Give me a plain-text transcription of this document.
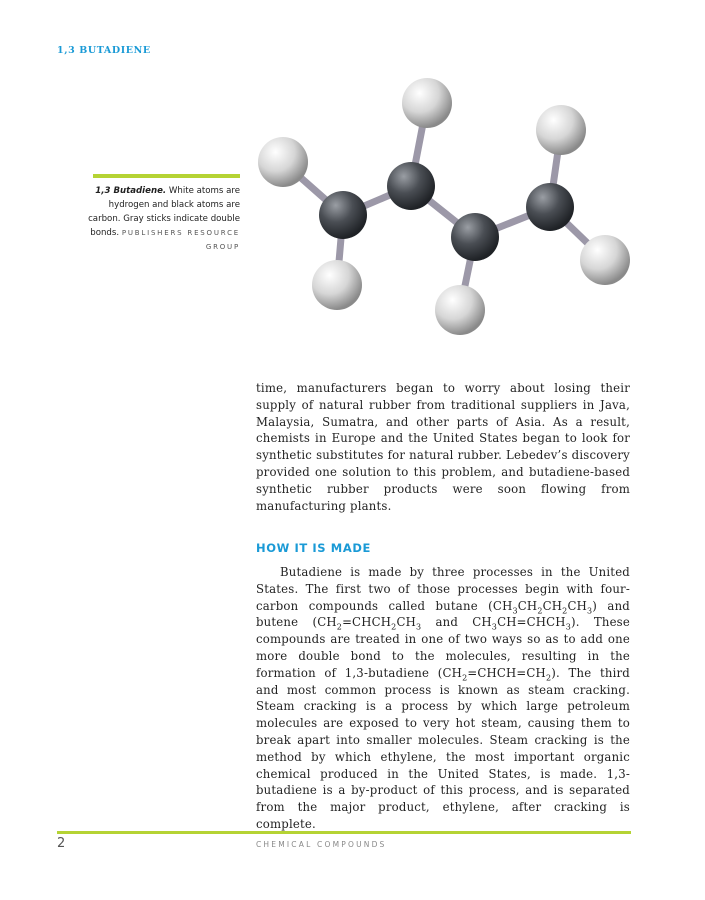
1,3 BUTADIENE
1,3 Butadiene. White atoms are hydrogen and black atoms are carbon. Gray sticks indicate double bonds. PUBLISHERS RESOURCE GROUP

time, manufacturers began to worry about losing their supply of natural rubber from traditional suppliers in Java, Malaysia, Sumatra, and other parts of Asia. As a result, chemists in Europe and the United States began to look for synthetic substitutes for natural rubber. Lebedev’s discovery provided one solution to this problem, and butadiene-based synthetic rubber products were soon flowing from manufacturing plants.

HOW IT IS MADE

Butadiene is made by three processes in the United States. The first two of those processes begin with four-carbon compounds called butane $(CH_3CH_2CH_2CH_3)$ and butene ($CH_2=CHCH_2CH_3$ and $CH_3CH=CHCH_3$). These compounds are treated in one of two ways so as to add one more double bond to the molecules, resulting in the formation of 1,3-butadiene $(CH_2=CHCH=CH_2)$. The third and most common process is known as steam cracking. Steam cracking is a process by which large petroleum molecules are exposed to very hot steam, causing them to break apart into smaller molecules. Steam cracking is the method by which ethylene, the most important organic chemical produced in the United States, is made. 1,3-butadiene is a by-product of this process, and is separated from the major product, ethylene, after cracking is complete.

2	CHEMICAL COMPOUNDS
